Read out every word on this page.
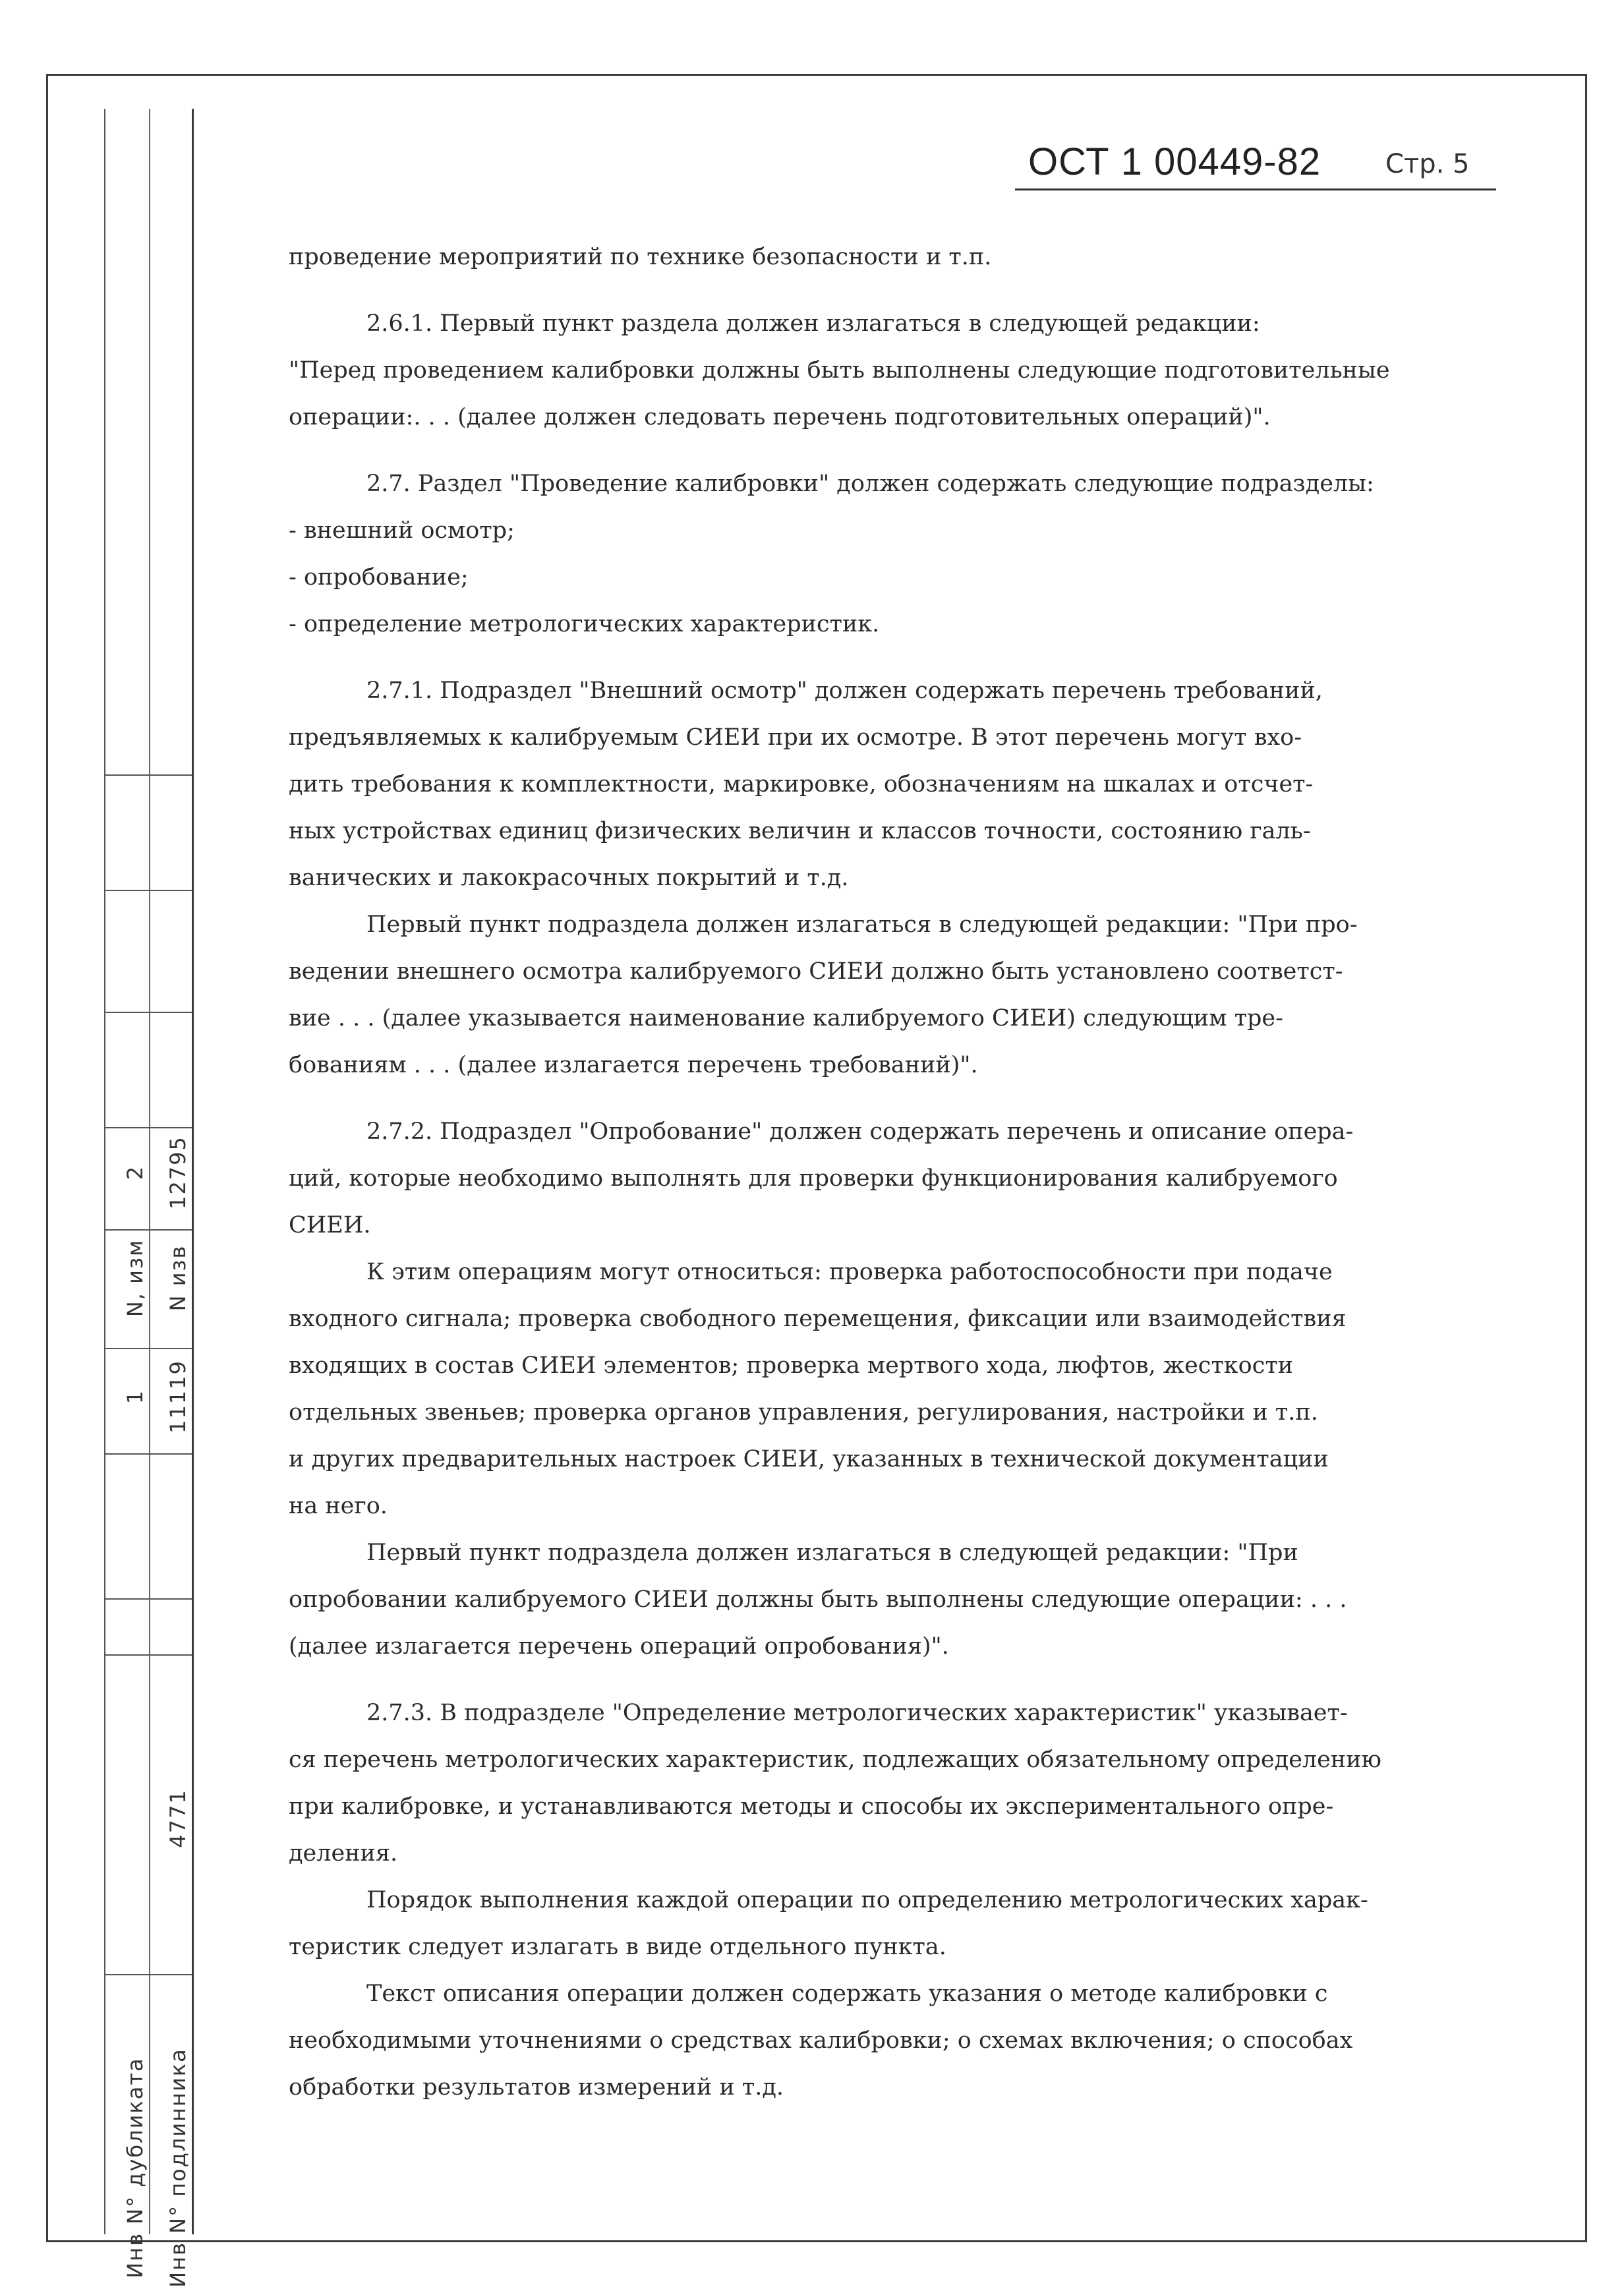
N, изм N изв
1 11119
2 12795
4771
Инв N° дубликата Инв N° подлинника
ОСТ 1 00449-82 Стр. 5
проведение мероприятий по технике безопасности и т.п.
2.6.1. Первый пункт раздела должен излагаться в следующей редакции:
"Перед проведением калибровки должны быть выполнены следующие подготовительные
операции:. . . (далее должен следовать перечень подготовительных операций)".
2.7. Раздел "Проведение калибровки" должен содержать следующие подразделы:
- внешний осмотр;
- опробование;
- определение метрологических характеристик.
2.7.1. Подраздел "Внешний осмотр" должен содержать перечень требований,
предъявляемых к калибруемым СИЕИ при их осмотре. В этот перечень могут вхо-
дить требования к комплектности, маркировке, обозначениям на шкалах и отсчет-
ных устройствах единиц физических величин и классов точности, состоянию галь-
ванических и лакокрасочных покрытий и т.д.
Первый пункт подраздела должен излагаться в следующей редакции: "При про-
ведении внешнего осмотра калибруемого СИЕИ должно быть установлено соответст-
вие . . . (далее указывается наименование калибруемого СИЕИ) следующим тре-
бованиям . . . (далее излагается перечень требований)".
2.7.2. Подраздел "Опробование" должен содержать перечень и описание опера-
ций, которые необходимо выполнять для проверки функционирования калибруемого
СИЕИ.
К этим операциям могут относиться: проверка работоспособности при подаче
входного сигнала; проверка свободного перемещения, фиксации или взаимодействия
входящих в состав СИЕИ элементов; проверка мертвого хода, люфтов, жесткости
отдельных звеньев; проверка органов управления, регулирования, настройки и т.п.
и других предварительных настроек СИЕИ, указанных в технической документации
на него.
Первый пункт подраздела должен излагаться в следующей редакции: "При
опробовании калибруемого СИЕИ должны быть выполнены следующие операции: . . .
(далее излагается перечень операций опробования)".
2.7.3. В подразделе "Определение метрологических характеристик" указывает-
ся перечень метрологических характеристик, подлежащих обязательному определению
при калибровке, и устанавливаются методы и способы их экспериментального опре-
деления.
Порядок выполнения каждой операции по определению метрологических харак-
теристик следует излагать в виде отдельного пункта.
Текст описания операции должен содержать указания о методе калибровки с
необходимыми уточнениями о средствах калибровки; о схемах включения; о способах
обработки результатов измерений и т.д.
